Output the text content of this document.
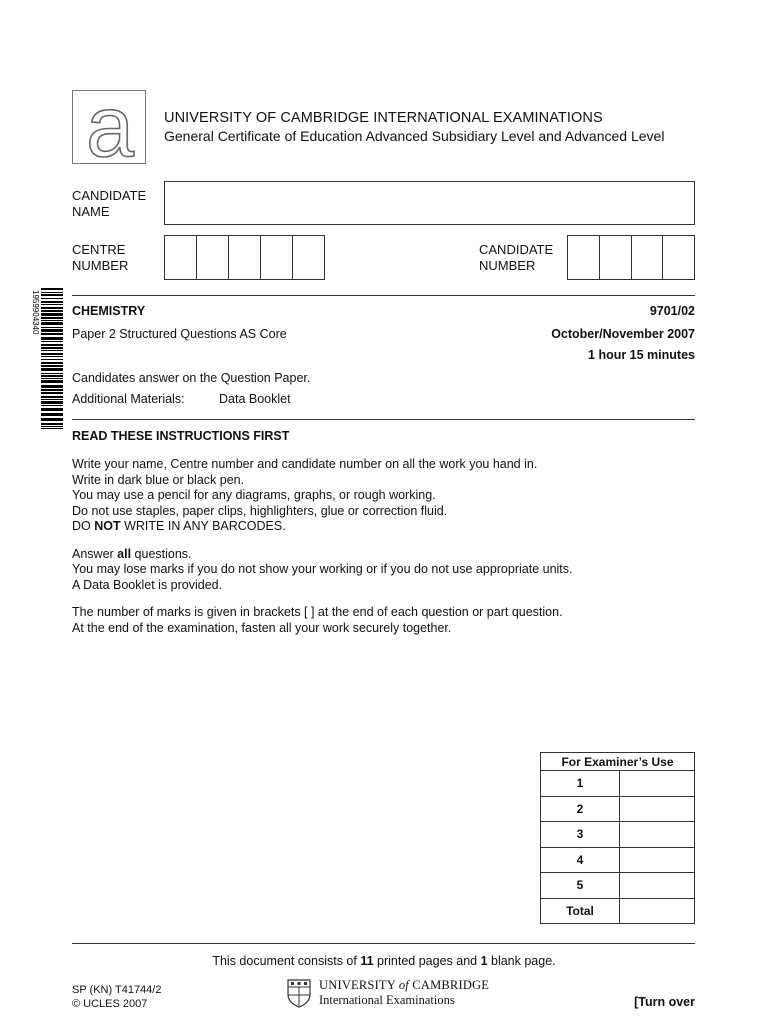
a	UNIVERSITY OF CAMBRIDGE INTERNATIONAL EXAMINATIONS
General Certificate of Education Advanced Subsidiary Level and Advanced Level
CANDIDATE
NAME
CENTRE
NUMBER
CANDIDATE
NUMBER
1959904340	CHEMISTRY	9701/02
Paper 2 Structured Questions AS Core	October/November 2007
1 hour 15 minutes
Candidates answer on the Question Paper.
Additional Materials:	Data Booklet
READ THESE INSTRUCTIONS FIRST

Write your name, Centre number and candidate number on all the work you hand in.

Write in dark blue or black pen.

You may use a pencil for any diagrams, graphs, or rough working.

Do not use staples, paper clips, highlighters, glue or correction fluid.

DO NOT WRITE IN ANY BARCODES.

Answer all questions.

You may lose marks if you do not show your working or if you do not use appropriate units.

A Data Booklet is provided.

The number of marks is given in brackets [ ] at the end of each question or part question.

At the end of the examination, fasten all your work securely together.

For Examiner’s Use	
1	
2	
3	
4	
5	
Total	
This document consists of 11 printed pages and 1 blank page.
SP (KN) T41744/2
© UCLES 2007
UNIVERSITY of CAMBRIDGE
International Examinations	[Turn over
